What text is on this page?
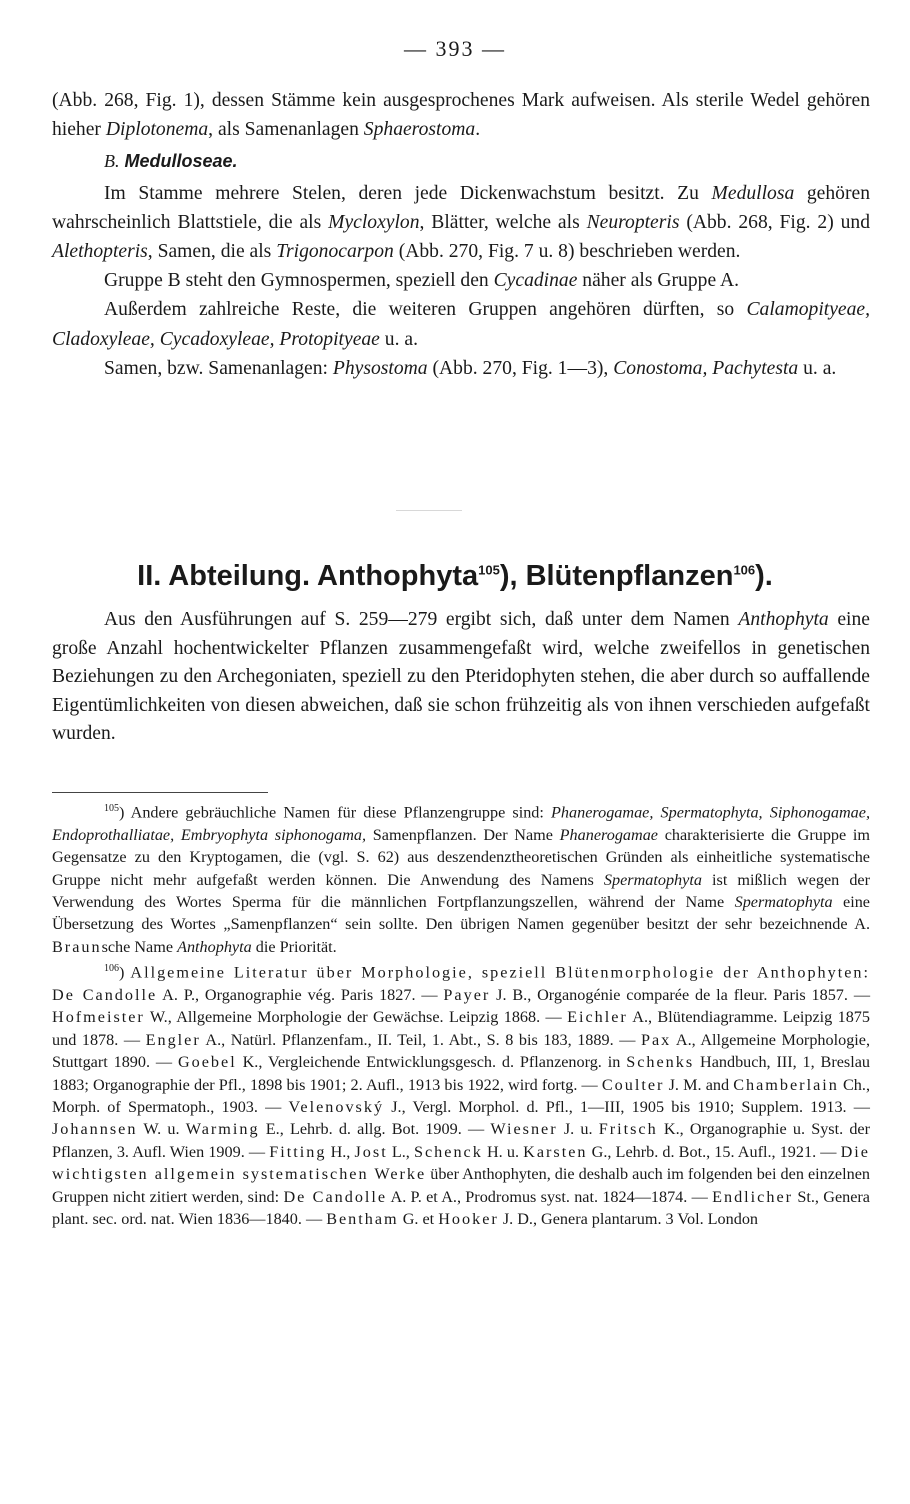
— 393 —

(Abb. 268, Fig. 1), dessen Stämme kein ausgesprochenes Mark aufweisen. Als sterile Wedel gehören hieher Diplotonema, als Samenanlagen Sphaerostoma.

B. Medulloseae.

Im Stamme mehrere Stelen, deren jede Dickenwachstum besitzt. Zu Medullosa gehören wahrscheinlich Blattstiele, die als Mycloxylon, Blätter, welche als Neuropteris (Abb. 268, Fig. 2) und Alethopteris, Samen, die als Trigonocarpon (Abb. 270, Fig. 7 u. 8) beschrieben werden.

Gruppe B steht den Gymnospermen, speziell den Cycadinae näher als Gruppe A.

Außerdem zahlreiche Reste, die weiteren Gruppen angehören dürften, so Calamopityeae, Cladoxyleae, Cycadoxyleae, Protopityeae u. a.

Samen, bzw. Samenanlagen: Physostoma (Abb. 270, Fig. 1—3), Conostoma, Pachytesta u. a.

II. Abteilung. Anthophyta$^{105}$), Blütenpflanzen$^{106}$).

Aus den Ausführungen auf S. 259—279 ergibt sich, daß unter dem Namen Anthophyta eine große Anzahl hochentwickelter Pflanzen zusammengefaßt wird, welche zweifellos in genetischen Beziehungen zu den Archegoniaten, speziell zu den Pteridophyten stehen, die aber durch so auffallende Eigentümlichkeiten von diesen abweichen, daß sie schon frühzeitig als von ihnen verschieden aufgefaßt wurden.

$^{105}$) Andere gebräuchliche Namen für diese Pflanzengruppe sind: Phanerogamae, Spermatophyta, Siphonogamae, Endoprothalliatae, Embryophyta siphonogama, Samenpflanzen. Der Name Phanerogamae charakterisierte die Gruppe im Gegensatze zu den Kryptogamen, die (vgl. S. 62) aus deszendenztheoretischen Gründen als einheitliche systematische Gruppe nicht mehr aufgefaßt werden können. Die Anwendung des Namens Spermatophyta ist mißlich wegen der Verwendung des Wortes Sperma für die männlichen Fortpflanzungszellen, während der Name Spermatophyta eine Übersetzung des Wortes „Samenpflanzen“ sein sollte. Den übrigen Namen gegenüber besitzt der sehr bezeichnende A. Braunsche Name Anthophyta die Priorität.

$^{106}$) Allgemeine Literatur über Morphologie, speziell Blütenmorphologie der Anthophyten: De Candolle A. P., Organographie vég. Paris 1827. — Payer J. B., Organogénie comparée de la fleur. Paris 1857. — Hofmeister W., Allgemeine Morphologie der Gewächse. Leipzig 1868. — Eichler A., Blütendiagramme. Leipzig 1875 und 1878. — Engler A., Natürl. Pflanzenfam., II. Teil, 1. Abt., S. 8 bis 183, 1889. — Pax A., Allgemeine Morphologie, Stuttgart 1890. — Goebel K., Vergleichende Entwicklungsgesch. d. Pflanzenorg. in Schenks Handbuch, III, 1, Breslau 1883; Organographie der Pfl., 1898 bis 1901; 2. Aufl., 1913 bis 1922, wird fortg. — Coulter J. M. and Chamberlain Ch., Morph. of Spermatoph., 1903. — Velenovský J., Vergl. Morphol. d. Pfl., 1—III, 1905 bis 1910; Supplem. 1913. — Johannsen W. u. Warming E., Lehrb. d. allg. Bot. 1909. — Wiesner J. u. Fritsch K., Organographie u. Syst. der Pflanzen, 3. Aufl. Wien 1909. — Fitting H., Jost L., Schenck H. u. Karsten G., Lehrb. d. Bot., 15. Aufl., 1921. — Die wichtigsten allgemein systematischen Werke über Anthophyten, die deshalb auch im folgenden bei den einzelnen Gruppen nicht zitiert werden, sind: De Candolle A. P. et A., Prodromus syst. nat. 1824—1874. — Endlicher St., Genera plant. sec. ord. nat. Wien 1836—1840. — Bentham G. et Hooker J. D., Genera plantarum. 3 Vol. London
